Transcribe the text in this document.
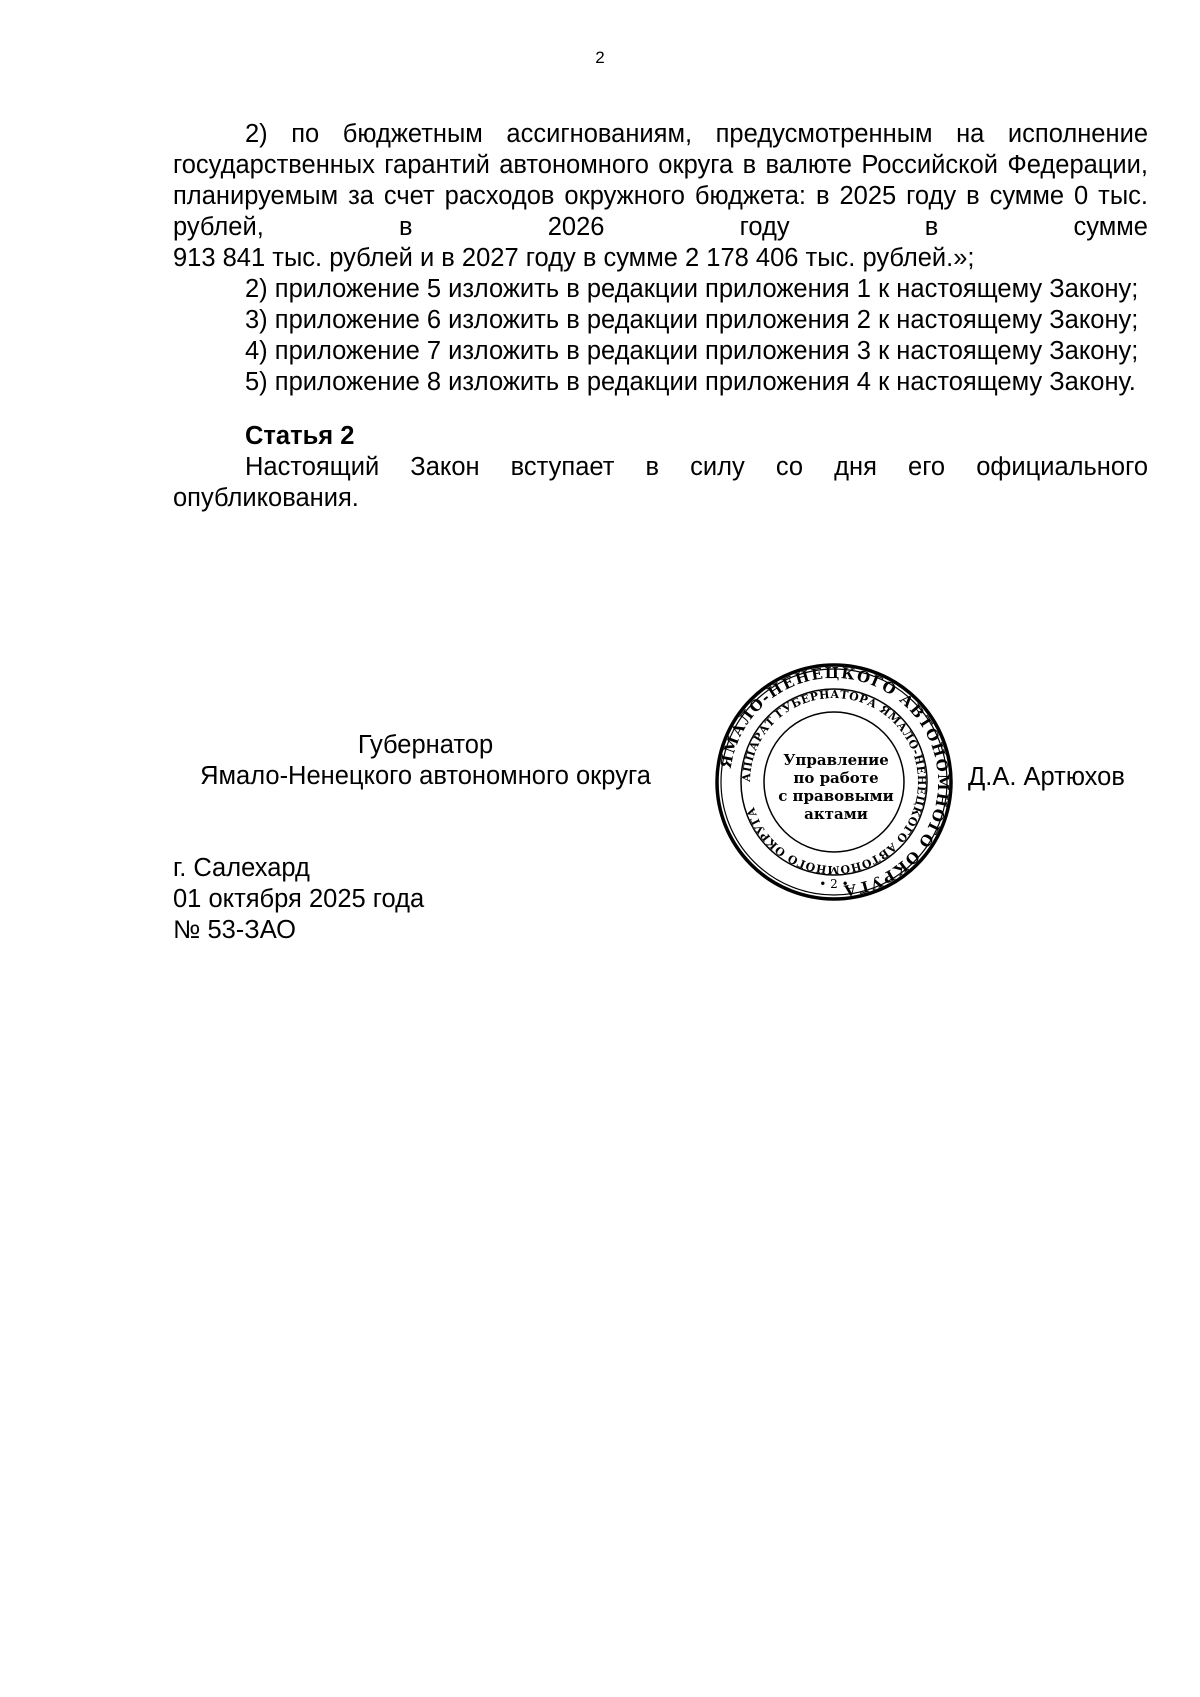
2

2) по бюджетным ассигнованиям, предусмотренным на исполнение государственных гарантий автономного округа в валюте Российской Федерации, планируемым за счет расходов окружного бюджета: в 2025 году в сумме 0 тыс. рублей, в 2026 году в сумме

913 841 тыс. рублей и в 2027 году в сумме 2 178 406 тыс. рублей.»;

2) приложение 5 изложить в редакции приложения 1 к настоящему Закону;

3) приложение 6 изложить в редакции приложения 2 к настоящему Закону;

4) приложение 7 изложить в редакции приложения 3 к настоящему Закону;

5) приложение 8 изложить в редакции приложения 4 к настоящему Закону.

Статья 2

Настоящий Закон вступает в силу со дня его официального опубликования.

Губернатор
Ямало-Ненецкого автономного округа
ЯМАЛО-НЕНЕЦКОГО АВТОНОМНОГО ОКРУГА
АППАРАТ ГУБЕРНАТОРА ЯМАЛО-НЕНЕЦКОГО АВТОНОМНОГО ОКРУГА
Управление
по работе
с правовыми
актами
• 2 •
Д.А. Артюхов
г. Салехард
01 октября 2025 года
№ 53-ЗАО
